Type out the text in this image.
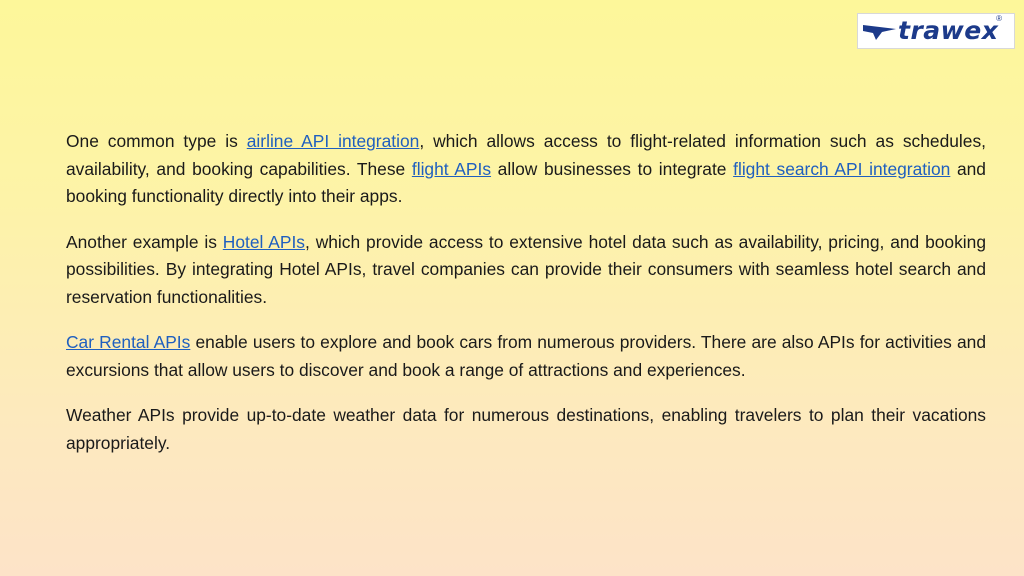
trawex
®

One common type is airline API integration, which allows access to flight-related information such as schedules, availability, and booking capabilities. These flight APIs allow businesses to integrate flight search API integration and booking functionality directly into their apps.

Another example is Hotel APIs, which provide access to extensive hotel data such as availability, pricing, and booking possibilities. By integrating Hotel APIs, travel companies can provide their consumers with seamless hotel search and reservation functionalities.

Car Rental APIs enable users to explore and book cars from numerous providers. There are also APIs for activities and excursions that allow users to discover and book a range of attractions and experiences.

Weather APIs provide up-to-date weather data for numerous destinations, enabling travelers to plan their vacations appropriately.
